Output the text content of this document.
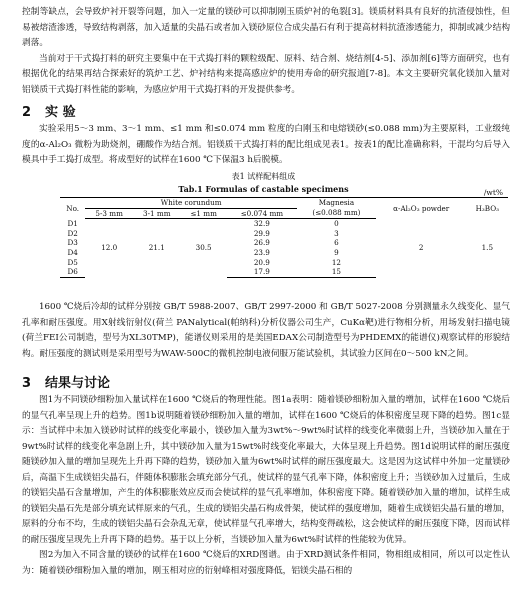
控制等缺点，会导致炉衬开裂等问题，加入一定量的镁砂可以抑制刚玉质炉衬的龟裂[3]。镁质材料具有良好的抗渣侵蚀性，但易被熔渣渗透，导致结构剥落，加入适量的尖晶石或者加入镁砂原位合成尖晶石有利于提高材料抗渣渗透能力，抑制或减少结构剥落。

当前对于干式捣打料的研究主要集中在干式捣打料的颗粒级配、原料、结合剂、烧结剂[4-5]、添加剂[6]等方面研究，也有根据优化的结果再结合探索好的筑炉工艺、炉衬结构来提高感应炉的使用寿命的研究报道[7-8]。本文主要研究氧化镁加入量对铝镁质干式捣打料性能的影响，为感应炉用干式捣打料的开发提供参考。

2 实 验

实验采用5～3 mm、3～1 mm、≤1 mm 和≤0.074 mm 粒度的白刚玉和电熔镁砂(≤0.088 mm)为主要原料，工业级纯度的α-Al₂O₃ 微粉为助烧剂，硼酸作为结合剂。铝镁质干式捣打料的配比组成见表1。按表1的配比准确称料，干混均匀后导入模具中手工捣打成型。将成型好的试样在1600 ℃下保温3 h后脱模。

表1 试样配料组成
Tab.1 Formulas of castable specimens	/wt%
No.	White corundum				Magnesia	α-Al₂O₃ powder	H₃BO₃
	5-3 mm	3-1 mm	≤1 mm	≤0.074 mm	(≤0.088 mm)		
D1	12.0	21.1	30.5	32.9	0	2	1.5
D2				29.9	3		
D3				26.9	6		
D4				23.9	9		
D5				20.9	12		
D6				17.9	15		

1600 ℃烧后冷却的试样分别按 GB/T 5988-2007、GB/T 2997-2000 和 GB/T 5027-2008 分别测量永久线变化、显气孔率和耐压强度。用X射线衍射仪(荷兰 PANalytical(帕纳科)分析仪器公司生产，CuKα靶)进行物相分析，用场发射扫描电镜(荷兰FEI公司制造，型号为XL30TMP)，能谱仪则采用的是美国EDAX公司制造型号为PHDEMX的能谱仪)观察试样的形貌结构。耐压强度的测试则是采用型号为WAW-500C的微机控制电液伺服万能试验机，其试验力区间在0～500 kN之间。

3 结果与讨论

图1为不同镁砂细粉加入量试样在1600 ℃烧后的物理性能。图1a表明：随着镁砂细粉加入量的增加，试样在1600 ℃烧后的显气孔率呈现上升的趋势。图1b说明随着镁砂细粉加入量的增加，试样在1600 ℃烧后的体积密度呈现下降的趋势。图1c显示：当试样中未加入镁砂时试样的线变化率最小，镁砂加入量为3wt%～9wt%时试样的线变化率微弱上升，当镁砂加入量在于9wt%时试样的线变化率急剧上升，其中镁砂加入量为15wt%时线变化率最大，大体呈现上升趋势。图1d说明试样的耐压强度随镁砂加入量的增加呈现先上升再下降的趋势，镁砂加入量为6wt%时试样的耐压强度最大。这是因为这试样中外加一定量镁砂后，高温下生成镁铝尖晶石，伴随体积膨胀会填充部分气孔，使试样的显气孔率下降，体积密度上升；当镁砂加入过量后，生成的镁铝尖晶石含量增加，产生的体积膨胀效应反而会使试样的显气孔率增加，体积密度下降。随着镁砂加入量的增加，试样生成的镁铝尖晶石先是部分填充试样原来的气孔，生成的镁铝尖晶石构成骨架，使试样的强度增加，随着生成镁铝尖晶石量的增加，原料的分布不均，生成的镁铝尖晶石会杂乱无章，使试样显气孔率增大，结构变得疏松，这会使试样的耐压强度下降，因而试样的耐压强度呈现先上升再下降的趋势。基于以上分析，当镁砂加入量为6wt%时试样的性能较为优异。

图2为加入不同含量的镁砂的试样在1600 ℃烧后的XRD图谱。由于XRD测试条件相同，物相组成相同，所以可以定性认为：随着镁砂细粉加入量的增加，刚玉相对应的衍射峰相对强度降低，铝镁尖晶石相的
